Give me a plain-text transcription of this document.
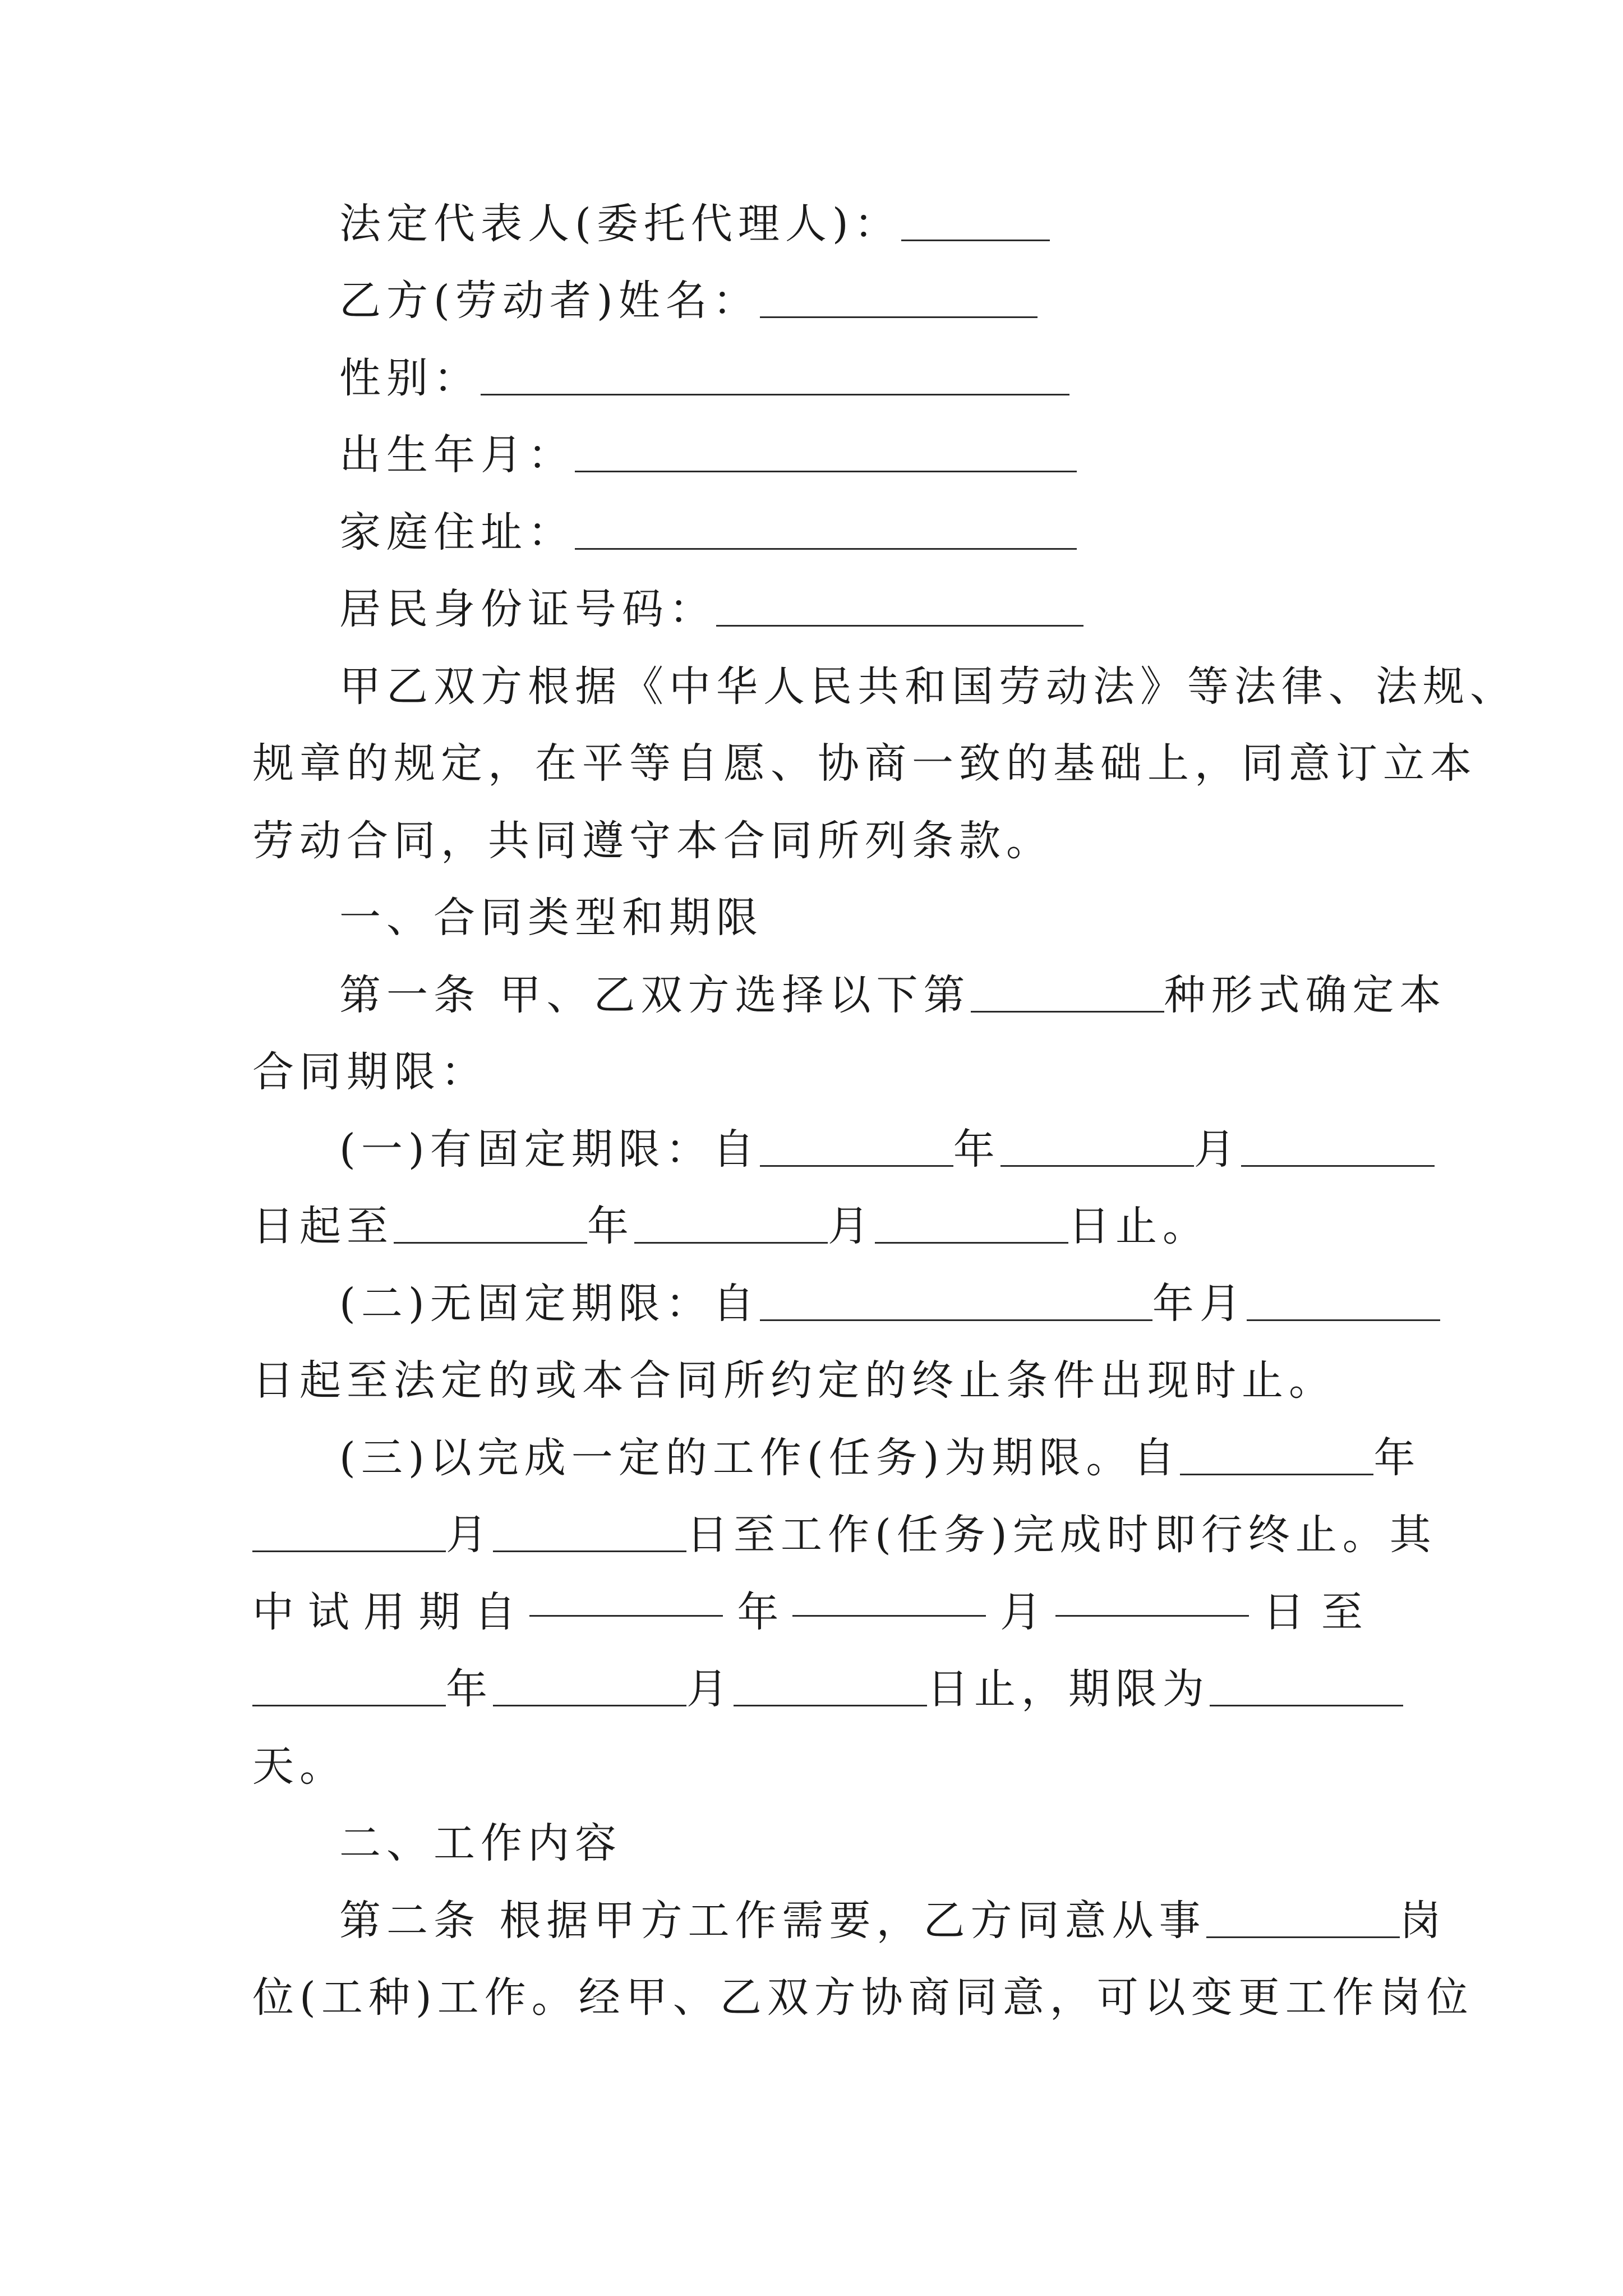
法定代表人(委托代理人)：
乙方(劳动者)姓名：
性别：
出生年月：
家庭住址：
居民身份证号码：
甲乙双方根据《中华人民共和国劳动法》等法律、法规、
规章的规定，在平等自愿、协商一致的基础上，同意订立本
劳动合同，共同遵守本合同所列条款。
一、合同类型和期限
第一条 甲、乙双方选择以下第	种形式确定本
合同期限：
(一)有固定期限：自	年	月
日起至	年	月	日止。
(二)无固定期限：自	年月
日起至法定的或本合同所约定的终止条件出现时止。
(三)以完成一定的工作(任务)为期限。自	年
月	日至工作(任务)完成时即行终止。其
中 试 用 期 自	年	月	日至
年	月	日止，期限为
天。
二、工作内容
第二条 根据甲方工作需要，乙方同意从事	岗
位(工种)工作。经甲、乙双方协商同意，可以变更工作岗位
